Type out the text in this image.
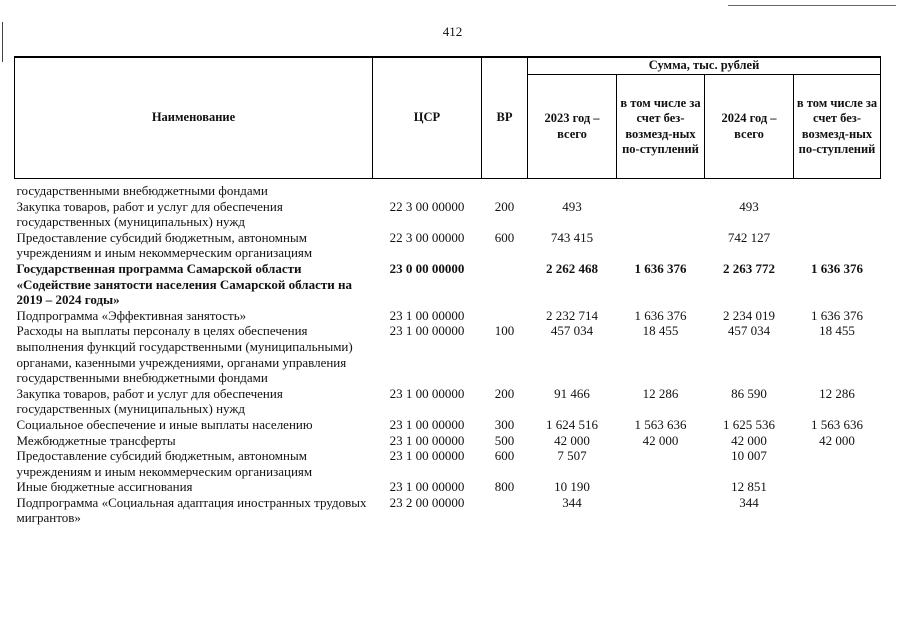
412
Наименование	ЦСР	ВР	Сумма, тыс. рублей			
			2023 год – всего	в том числе за счет без-возмезд-ных по-ступлений	2024 год – всего	в том числе за счет без-возмезд-ных по-ступлений

государственными внебюджетными фондами						
Закупка товаров, работ и услуг для обеспечения государственных (муниципальных) нужд	22 3 00 00000	200	493		493	
Предоставление субсидий бюджетным, автономным учреждениям и иным некоммерческим организациям	22 3 00 00000	600	743 415		742 127	
Государственная программа Самарской области «Содействие занятости населения Самарской области на 2019 – 2024 годы»	23 0 00 00000		2 262 468	1 636 376	2 263 772	1 636 376
Подпрограмма «Эффективная занятость»	23 1 00 00000		2 232 714	1 636 376	2 234 019	1 636 376
Расходы на выплаты персоналу в целях обеспечения выполнения функций государственными (муниципальными) органами, казенными учреждениями, органами управления государственными внебюджетными фондами	23 1 00 00000	100	457 034	18 455	457 034	18 455
Закупка товаров, работ и услуг для обеспечения государственных (муниципальных) нужд	23 1 00 00000	200	91 466	12 286	86 590	12 286
Социальное обеспечение и иные выплаты населению	23 1 00 00000	300	1 624 516	1 563 636	1 625 536	1 563 636
Межбюджетные трансферты	23 1 00 00000	500	42 000	42 000	42 000	42 000
Предоставление субсидий бюджетным, автономным учреждениям и иным некоммерческим организациям	23 1 00 00000	600	7 507		10 007	
Иные бюджетные ассигнования	23 1 00 00000	800	10 190		12 851	
Подпрограмма «Социальная адаптация иностранных трудовых мигрантов»	23 2 00 00000		344		344	
